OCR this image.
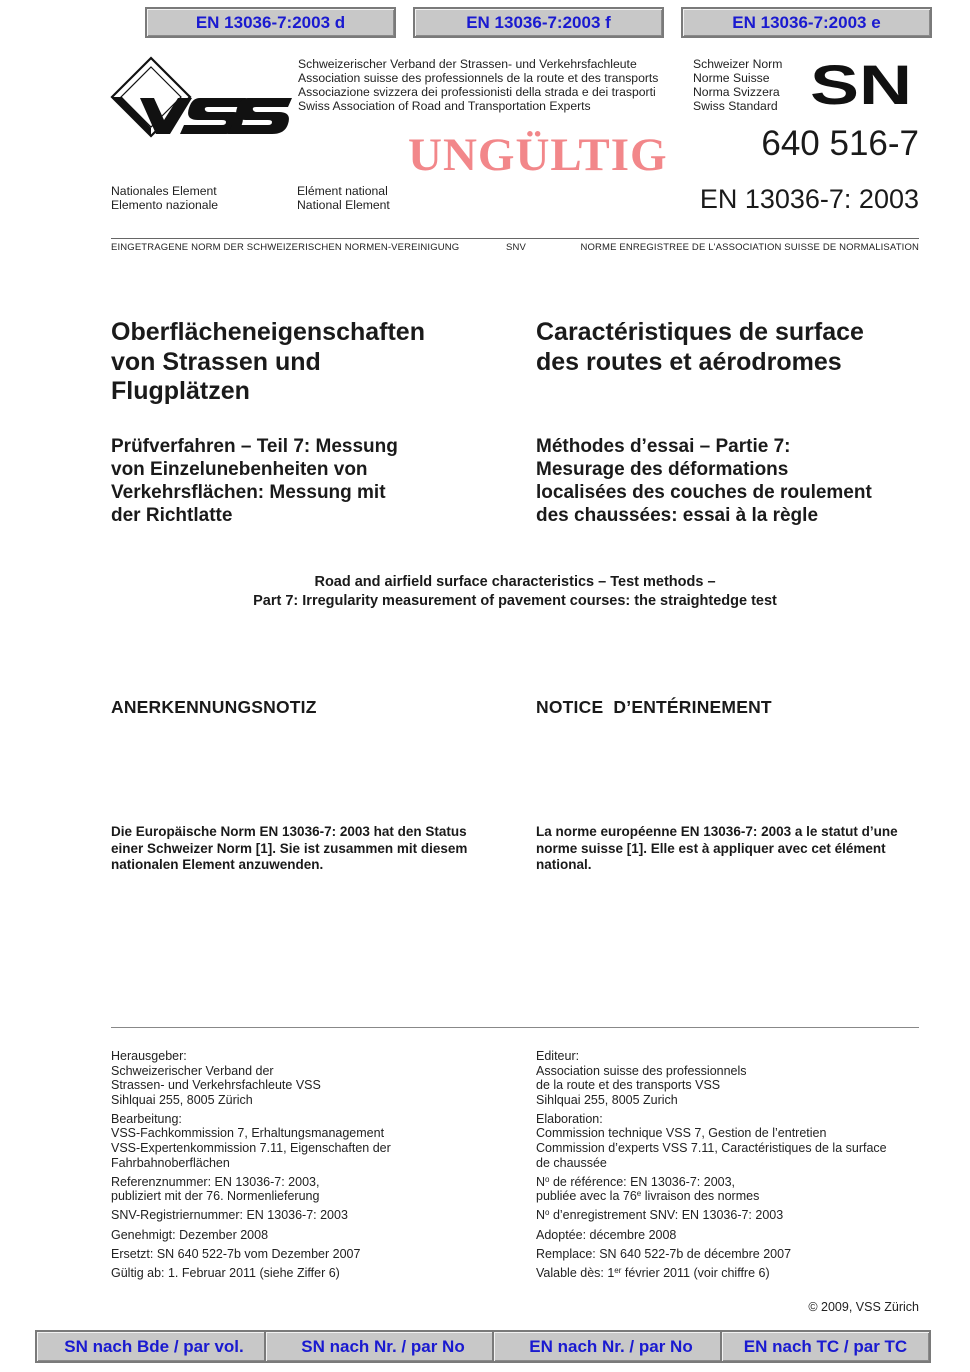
EN 13036-7:2003 d	EN 13036-7:2003 f	EN 13036-7:2003 e
Schweizerischer Verband der Strassen- und Verkehrsfachleute
Association suisse des professionnels de la route et des transports
Associazione svizzera dei professionisti della strada e dei trasporti
Swiss Association of Road and Transportation Experts
Schweizer Norm
Norme Suisse
Norma Svizzera
Swiss Standard SN
UNGÜLTIG	640 516-7
EN 13036-7: 2003
Nationales Element
Elemento nazionale
Elément national
National Element
EINGETRAGENE NORM DER SCHWEIZERISCHEN NORMEN-VEREINIGUNG	SNV	NORME ENREGISTREE DE L'ASSOCIATION SUISSE DE NORMALISATION
Oberflächeneigenschaften
von Strassen und
Flugplätzen
Caractéristiques de surface
des routes et aérodromes
Prüfverfahren – Teil 7: Messung
von Einzelunebenheiten von
Verkehrsflächen: Messung mit
der Richtlatte
Méthodes d’essai – Partie 7:
Mesurage des déformations
localisées des couches de roulement
des chaussées: essai à la règle
Road and airfield surface characteristics – Test methods –
Part 7: Irregularity measurement of pavement courses: the straightedge test
ANERKENNUNGSNOTIZ	NOTICE  D’ENTÉRINEMENT
Die Europäische Norm EN 13036-7: 2003 hat den Status
einer Schweizer Norm [1]. Sie ist zusammen mit diesem
nationalen Element anzuwenden.
La norme européenne EN 13036-7: 2003 a le statut d’une
norme suisse [1]. Elle est à appliquer avec cet élément
national.

Herausgeber:
Schweizerischer Verband der
Strassen- und Verkehrsfachleute VSS
Sihlquai 255, 8005 Zürich

Bearbeitung:
VSS-Fachkommission 7, Erhaltungsmanagement
VSS-Expertenkommission 7.11, Eigenschaften der
Fahrbahnoberflächen

Referenznummer: EN 13036-7: 2003,
publiziert mit der 76. Normenlieferung

SNV-Registriernummer: EN 13036-7: 2003

Genehmigt: Dezember 2008

Ersetzt: SN 640 522-7b vom Dezember 2007

Gültig ab: 1. Februar 2011 (siehe Ziffer 6)

Editeur:
Association suisse des professionnels
de la route et des transports VSS
Sihlquai 255, 8005 Zurich

Elaboration:
Commission technique VSS 7, Gestion de l’entretien
Commission d’experts VSS 7.11, Caractéristiques de la surface
de chaussée

$N^o$ de référence: EN 13036-7: 2003,
publiée avec la 76e livraison des normes

$N^o$ d’enregistrement SNV: EN 13036-7: 2003

Adoptée: décembre 2008

Remplace: SN 640 522-7b de décembre 2007

Valable dès: 1er février 2011 (voir chiffre 6)

© 2009, VSS Zürich
SN nach Bde / par vol.	SN nach Nr. / par No	EN nach Nr. / par No	EN nach TC / par TC
